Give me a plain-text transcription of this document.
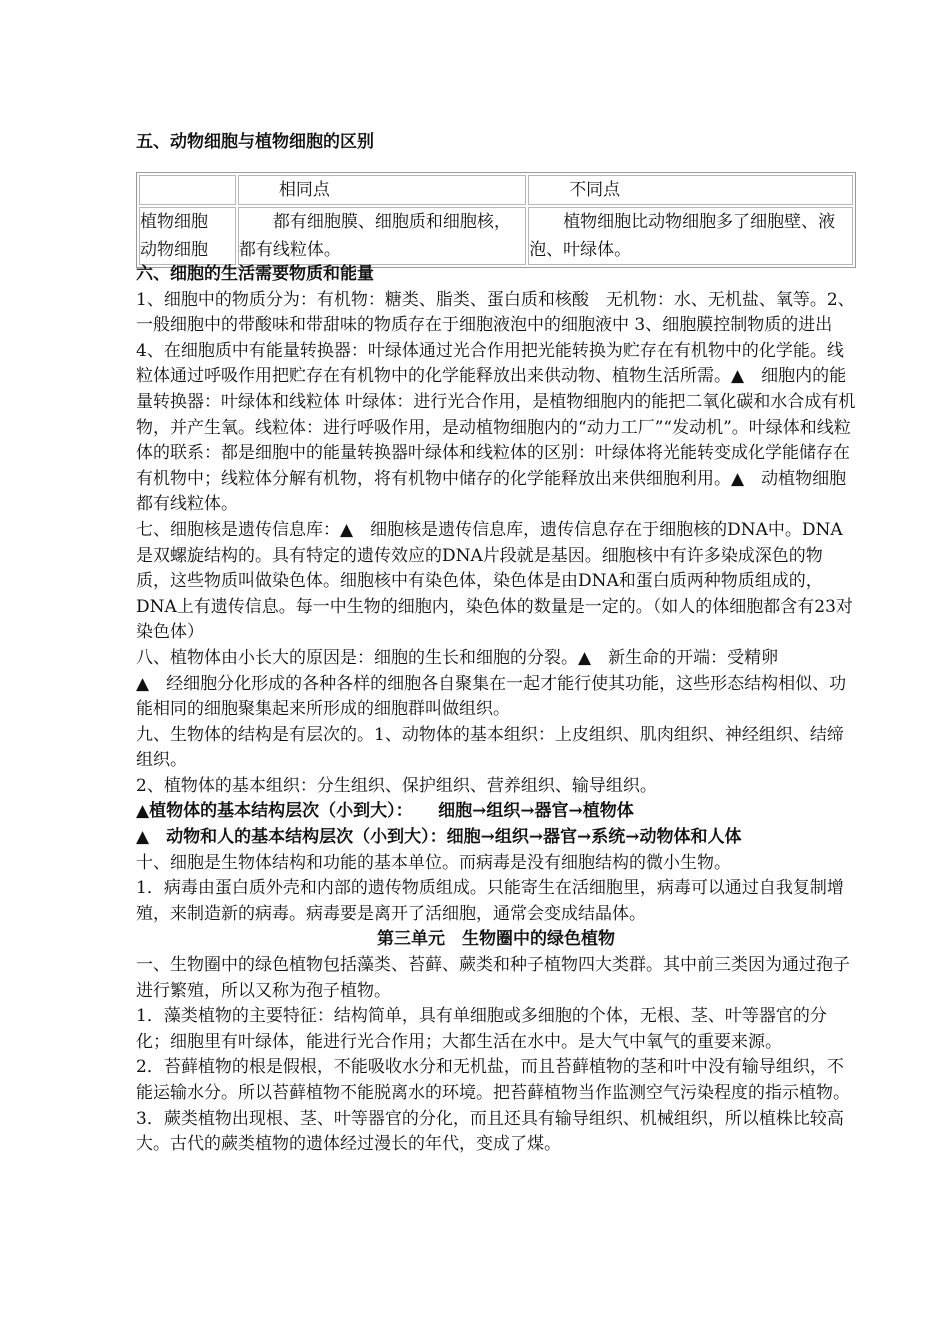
五、动物细胞与植物细胞的区别
	相同点	不同点

植物细胞
动物细胞	都有细胞膜、细胞质和细胞核，都有线粒体。	植物细胞比动物细胞多了细胞壁、液泡、叶绿体。

六、细胞的生活需要物质和能量

1、细胞中的物质分为：有机物：糖类、脂类、蛋白质和核酸　无机物：水、无机盐、氧等。2、一般细胞中的带酸味和带甜味的物质存在于细胞液泡中的细胞液中 3、细胞膜控制物质的进出 4、在细胞质中有能量转换器：叶绿体通过光合作用把光能转换为贮存在有机物中的化学能。线粒体通过呼吸作用把贮存在有机物中的化学能释放出来供动物、植物生活所需。▲　细胞内的能量转换器：叶绿体和线粒体 叶绿体：进行光合作用，是植物细胞内的能把二氧化碳和水合成有机物，并产生氧。线粒体：进行呼吸作用，是动植物细胞内的“动力工厂”“发动机”。叶绿体和线粒体的联系：都是细胞中的能量转换器叶绿体和线粒体的区别：叶绿体将光能转变成化学能储存在有机物中；线粒体分解有机物，将有机物中储存的化学能释放出来供细胞利用。▲　动植物细胞都有线粒体。

七、细胞核是遗传信息库：▲　细胞核是遗传信息库，遗传信息存在于细胞核的DNA中。DNA是双螺旋结构的。具有特定的遗传效应的DNA片段就是基因。细胞核中有许多染成深色的物质，这些物质叫做染色体。细胞核中有染色体，染色体是由DNA和蛋白质两种物质组成的，DNA上有遗传信息。每一中生物的细胞内，染色体的数量是一定的。（如人的体细胞都含有23对染色体）

八、植物体由小长大的原因是：细胞的生长和细胞的分裂。▲　新生命的开端：受精卵

▲　经细胞分化形成的各种各样的细胞各自聚集在一起才能行使其功能，这些形态结构相似、功能相同的细胞聚集起来所形成的细胞群叫做组织。

九、生物体的结构是有层次的。1、动物体的基本组织：上皮组织、肌肉组织、神经组织、结缔组织。

2、植物体的基本组织：分生组织、保护组织、营养组织、输导组织。

▲植物体的基本结构层次（小到大）：　　细胞→组织→器官→植物体

▲　动物和人的基本结构层次（小到大）：细胞→组织→器官→系统→动物体和人体

十、细胞是生物体结构和功能的基本单位。而病毒是没有细胞结构的微小生物。

1．病毒由蛋白质外壳和内部的遗传物质组成。只能寄生在活细胞里，病毒可以通过自我复制增殖，来制造新的病毒。病毒要是离开了活细胞，通常会变成结晶体。

第三单元　生物圈中的绿色植物

一、生物圈中的绿色植物包括藻类、苔藓、蕨类和种子植物四大类群。其中前三类因为通过孢子进行繁殖，所以又称为孢子植物。

1．藻类植物的主要特征：结构简单，具有单细胞或多细胞的个体，无根、茎、叶等器官的分化；细胞里有叶绿体，能进行光合作用；大都生活在水中。是大气中氧气的重要来源。

2．苔藓植物的根是假根，不能吸收水分和无机盐，而且苔藓植物的茎和叶中没有输导组织，不能运输水分。所以苔藓植物不能脱离水的环境。把苔藓植物当作监测空气污染程度的指示植物。

3．蕨类植物出现根、茎、叶等器官的分化，而且还具有输导组织、机械组织，所以植株比较高大。古代的蕨类植物的遗体经过漫长的年代，变成了煤。
